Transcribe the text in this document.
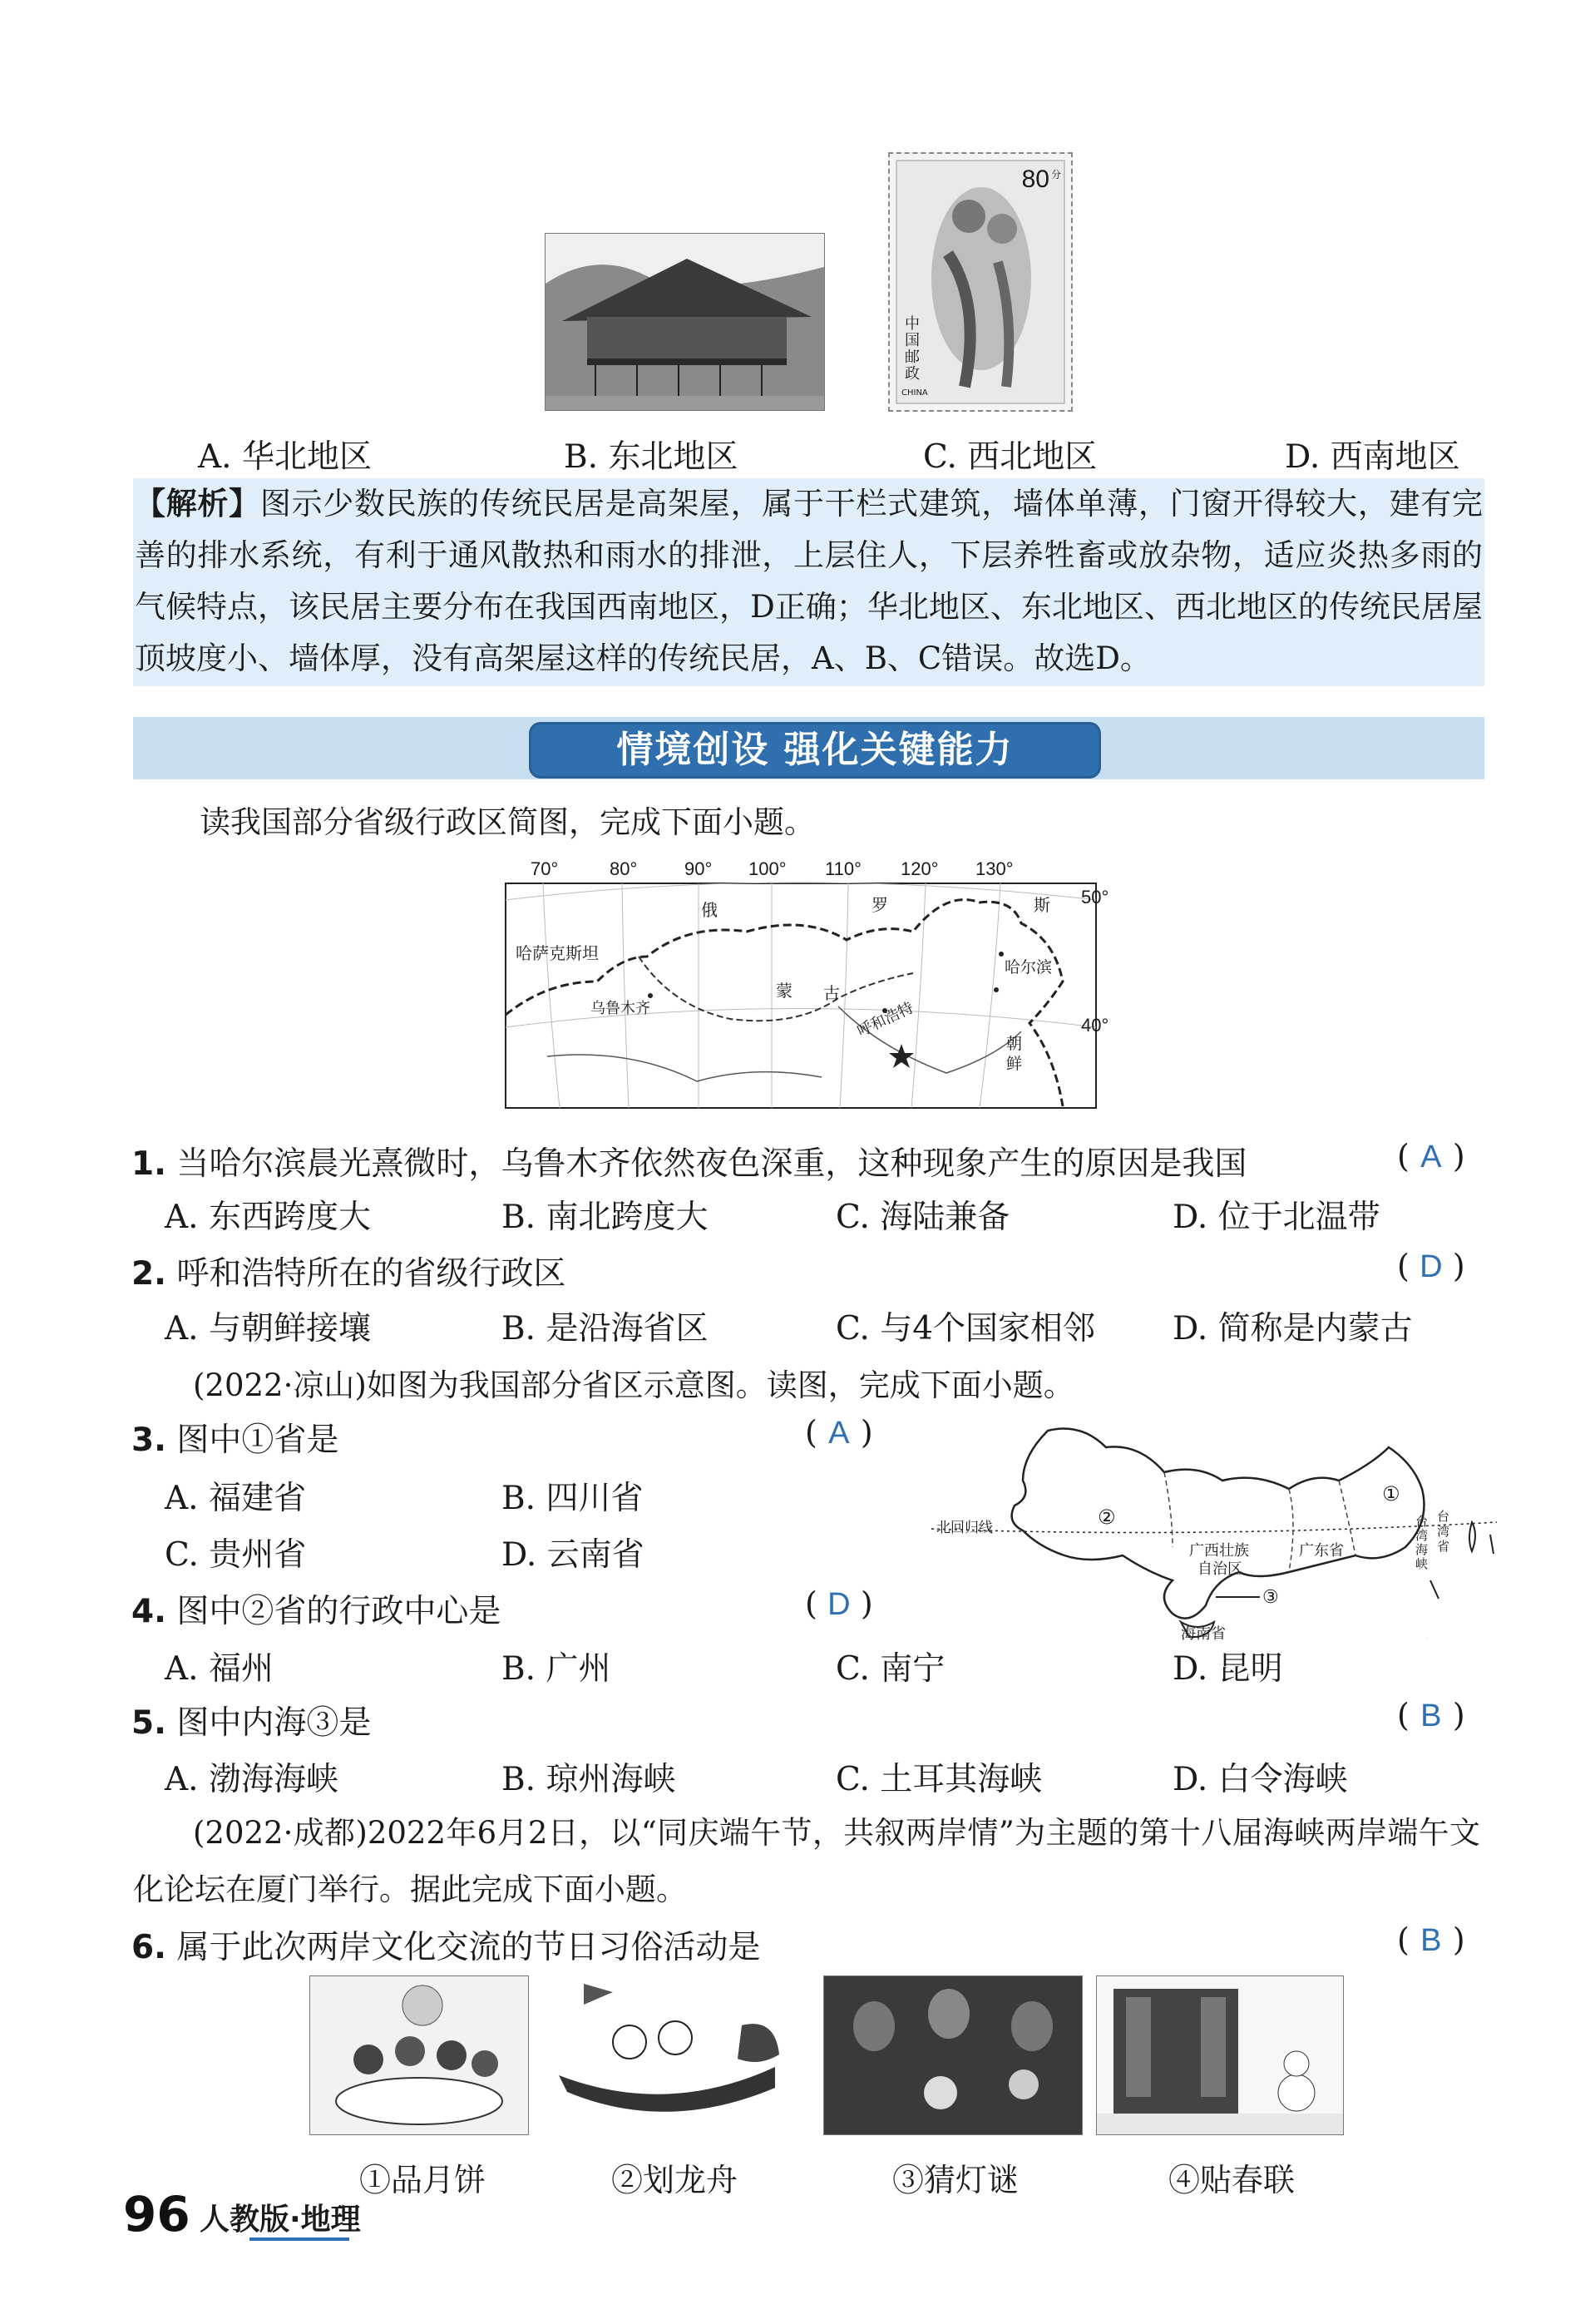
80 分
中国邮政
CHINA
A. 华北地区	B. 东北地区	C. 西北地区	D. 西南地区

【解析】图示少数民族的传统民居是高架屋，属于干栏式建筑，墙体单薄，门窗开得较大，建有完善的排水系统，有利于通风散热和雨水的排泄，上层住人，下层养牲畜或放杂物，适应炎热多雨的气候特点，该民居主要分布在我国西南地区，D正确；华北地区、东北地区、西北地区的传统民居屋顶坡度小、墙体厚，没有高架屋这样的传统民居，A、B、C错误。故选D。

情境创设 强化关键能力
读我国部分省级行政区简图，完成下面小题。
70°	80°	90° 100° 110° 120° 130°
50°
40°
俄	罗	斯
哈萨克斯坦
蒙 古
哈尔滨
乌鲁木齐	呼和浩特
朝
鲜
1. 当哈尔滨晨光熹微时，乌鲁木齐依然夜色深重，这种现象产生的原因是我国	( A )
A. 东西跨度大	B. 南北跨度大	C. 海陆兼备	D. 位于北温带
2. 呼和浩特所在的省级行政区	( D )
A. 与朝鲜接壤	B. 是沿海省区	C. 与4个国家相邻 D. 简称是内蒙古
(2022·凉山)如图为我国部分省区示意图。读图，完成下面小题。
3. 图中①省是	( A )
A. 福建省	B. 四川省
C. 贵州省	D. 云南省
北回归线
①
②
③
广西壮族
自治区
广东省
海南省
台
湾
海
峡
台
湾
省
4. 图中②省的行政中心是	( D )
A. 福州	B. 广州	C. 南宁	D. 昆明
5. 图中内海③是	( B )
A. 渤海海峡	B. 琼州海峡	C. 土耳其海峡	D. 白令海峡
(2022·成都)2022年6月2日，以“同庆端午节，共叙两岸情”为主题的第十八届海峡两岸端午文化论坛在厦门举行。据此完成下面小题。
6. 属于此次两岸文化交流的节日习俗活动是	( B )
①品月饼	②划龙舟	③猜灯谜	④贴春联
96 人教版·地理
